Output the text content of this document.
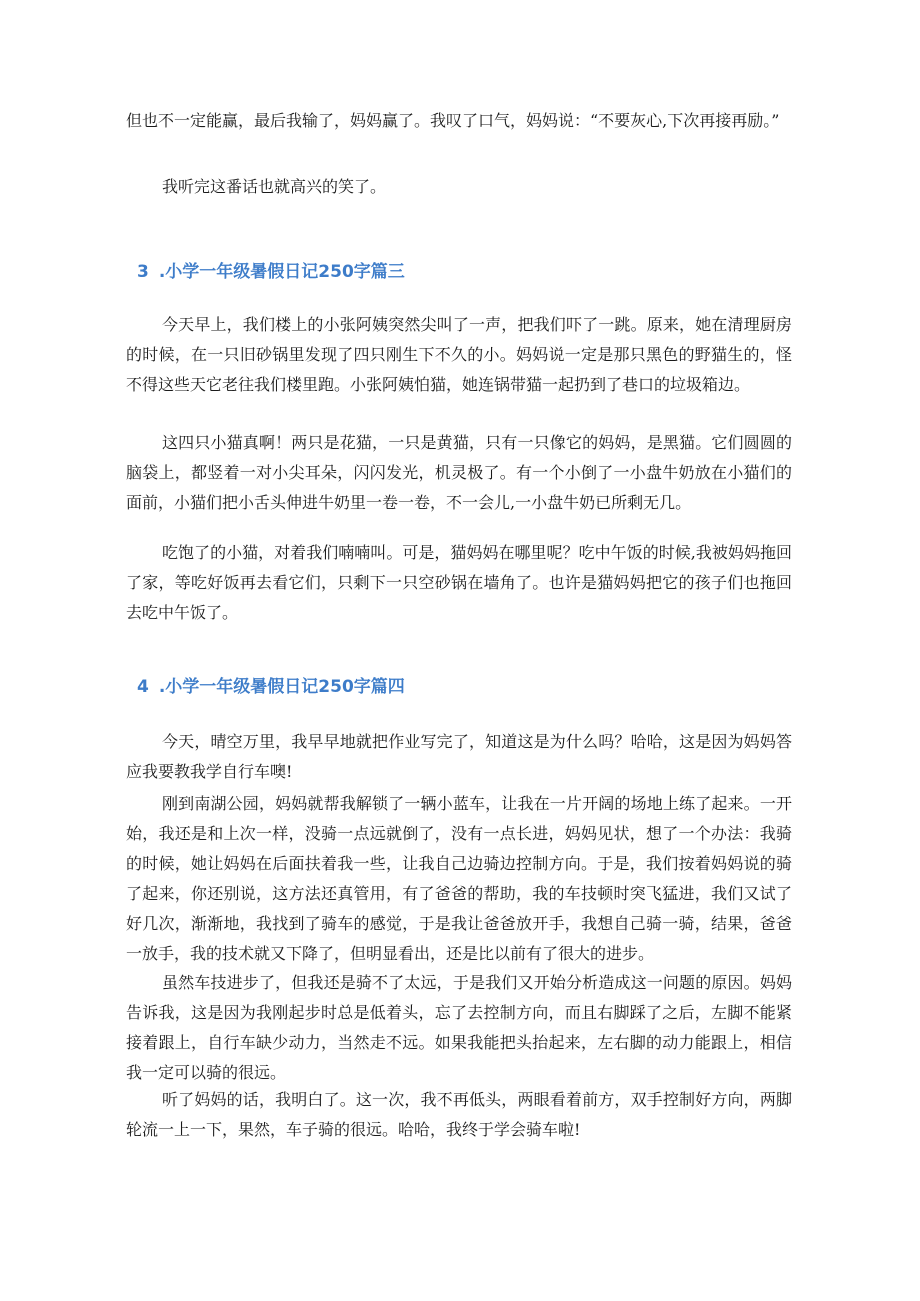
但也不一定能赢，最后我输了，妈妈赢了。我叹了口气，妈妈说：“不要灰心,下次再接再励。”

我听完这番话也就高兴的笑了。

3 .小学一年级暑假日记250字篇三

今天早上，我们楼上的小张阿姨突然尖叫了一声，把我们吓了一跳。原来，她在清理厨房的时候，在一只旧砂锅里发现了四只刚生下不久的小。妈妈说一定是那只黑色的野猫生的，怪不得这些天它老往我们楼里跑。小张阿姨怕猫，她连锅带猫一起扔到了巷口的垃圾箱边。

这四只小猫真啊！两只是花猫，一只是黄猫，只有一只像它的妈妈，是黑猫。它们圆圆的脑袋上，都竖着一对小尖耳朵，闪闪发光，机灵极了。有一个小倒了一小盘牛奶放在小猫们的面前，小猫们把小舌头伸进牛奶里一卷一卷，不一会儿,一小盘牛奶已所剩无几。

吃饱了的小猫，对着我们喃喃叫。可是，猫妈妈在哪里呢？吃中午饭的时候,我被妈妈拖回了家，等吃好饭再去看它们，只剩下一只空砂锅在墙角了。也许是猫妈妈把它的孩子们也拖回去吃中午饭了。

4 .小学一年级暑假日记250字篇四

今天，晴空万里，我早早地就把作业写完了，知道这是为什么吗？哈哈，这是因为妈妈答应我要教我学自行车噢!

刚到南湖公园，妈妈就帮我解锁了一辆小蓝车，让我在一片开阔的场地上练了起来。一开始，我还是和上次一样，没骑一点远就倒了，没有一点长进，妈妈见状，想了一个办法：我骑的时候，她让妈妈在后面扶着我一些，让我自己边骑边控制方向。于是，我们按着妈妈说的骑了起来，你还别说，这方法还真管用，有了爸爸的帮助，我的车技顿时突飞猛进，我们又试了好几次，渐渐地，我找到了骑车的感觉，于是我让爸爸放开手，我想自己骑一骑，结果，爸爸一放手，我的技术就又下降了，但明显看出，还是比以前有了很大的进步。

虽然车技进步了，但我还是骑不了太远，于是我们又开始分析造成这一问题的原因。妈妈告诉我，这是因为我刚起步时总是低着头，忘了去控制方向，而且右脚踩了之后，左脚不能紧接着跟上，自行车缺少动力，当然走不远。如果我能把头抬起来，左右脚的动力能跟上，相信我一定可以骑的很远。

听了妈妈的话，我明白了。这一次，我不再低头，两眼看着前方，双手控制好方向，两脚轮流一上一下，果然，车子骑的很远。哈哈，我终于学会骑车啦!
